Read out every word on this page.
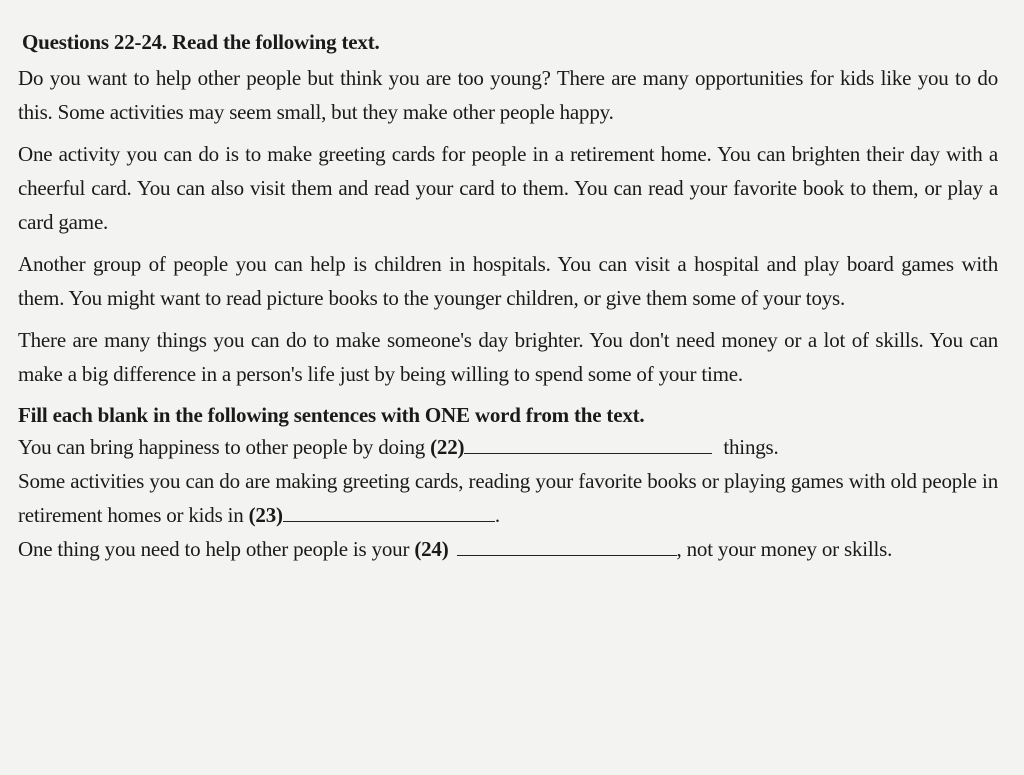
Questions 22-24. Read the following text.

Do you want to help other people but think you are too young? There are many opportunities for kids like you to do this. Some activities may seem small, but they make other people happy.

One activity you can do is to make greeting cards for people in a retirement home. You can brighten their day with a cheerful card. You can also visit them and read your card to them. You can read your favorite book to them, or play a card game.

Another group of people you can help is children in hospitals. You can visit a hospital and play board games with them. You might want to read picture books to the younger children, or give them some of your toys.

There are many things you can do to make someone's day brighter. You don't need money or a lot of skills. You can make a big difference in a person's life just by being willing to spend some of your time.

Fill each blank in the following sentences with ONE word from the text.

You can bring happiness to other people by doing (22)	things.

Some activities you can do are making greeting cards, reading your favorite books or playing games with old people in retirement homes or kids in (23)	.

One thing you need to help other people is your (24)	, not your money or skills.
